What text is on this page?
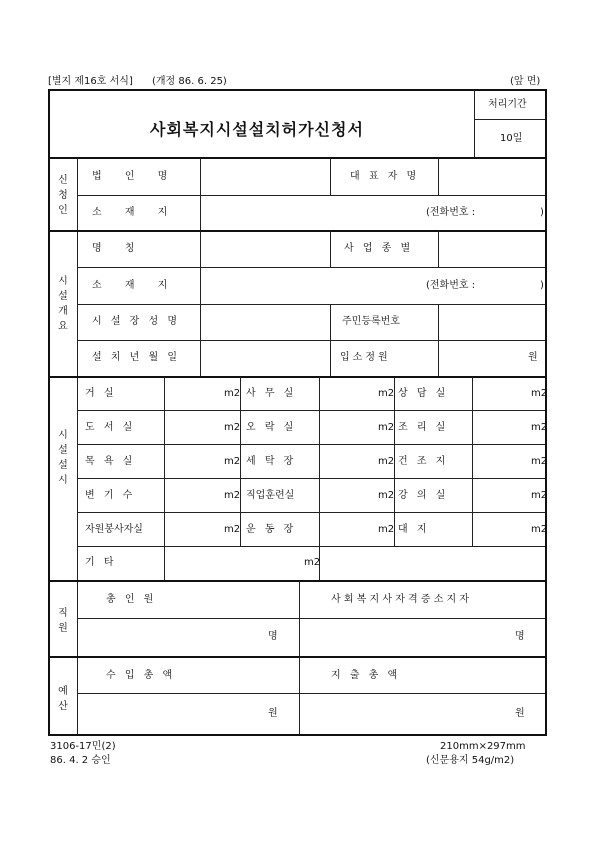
[별지 제16호 서식] (개정 86. 6. 25)	(앞 면)
사회복지시설설치허가신청서
처리기간
10일
신
청
인
법 인 명	대 표 자 명
소 재 지	(전화번호 :	)
시
설
개
요
명 칭	사 업 종 별
소 재 지	(전화번호 :	)
시 설 장 성 명	주민등록번호
설 치 년 월 일	입소정원	원
시
설
설
시
거 실	m2 사 무 실	m2 상 담 실	m2
도 서 실	m2 오 락 실	m2 조 리 실	m2
목 욕 실	m2 세 탁 장	m2 건 조 지	m2
변 기 수	m2 직업훈련실	m2 강 의 실	m2
자원봉사자실	m2 운 동 장	m2 대 지	m2
기 타	m2
직
원
총 인 원	사 회 복 지 사 자 격 증 소 지 자
명	명
예
산
수 입 총 액	지 출 총 액
원	원
3106-17민(2)
86. 4. 2 승인
210mm×297mm
(신문용지 54g/m2)
